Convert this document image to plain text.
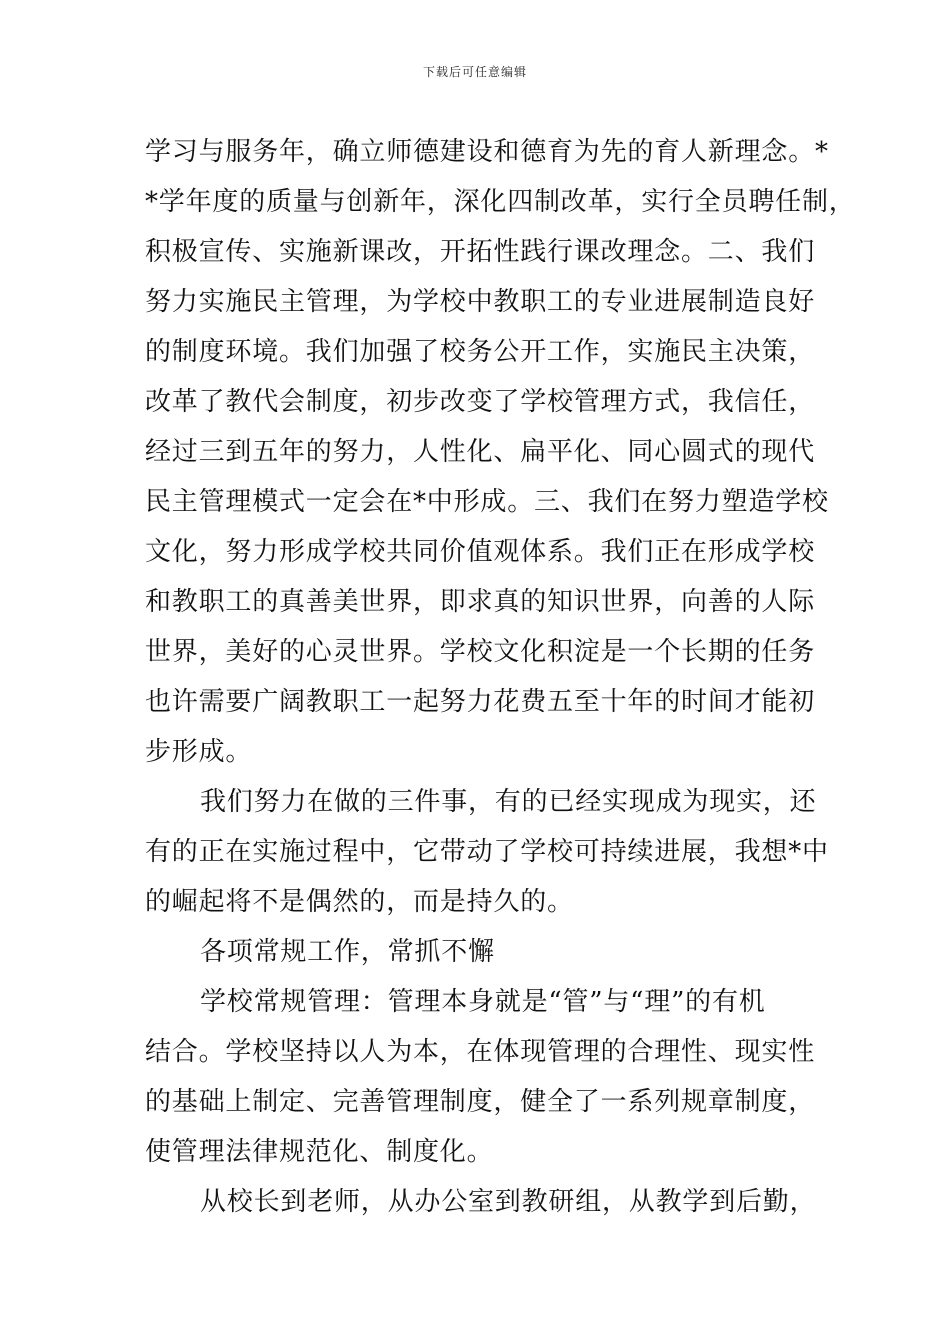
下载后可任意编辑
学习与服务年，确立师德建设和德育为先的育人新理念。*
*学年度的质量与创新年，深化四制改革，实行全员聘任制，
积极宣传、实施新课改，开拓性践行课改理念。二、我们
努力实施民主管理，为学校中教职工的专业进展制造良好
的制度环境。我们加强了校务公开工作，实施民主决策，
改革了教代会制度，初步改变了学校管理方式，我信任，
经过三到五年的努力，人性化、扁平化、同心圆式的现代
民主管理模式一定会在*中形成。三、我们在努力塑造学校
文化，努力形成学校共同价值观体系。我们正在形成学校
和教职工的真善美世界，即求真的知识世界，向善的人际
世界，美好的心灵世界。学校文化积淀是一个长期的任务
也许需要广阔教职工一起努力花费五至十年的时间才能初
步形成。
我们努力在做的三件事，有的已经实现成为现实，还
有的正在实施过程中，它带动了学校可持续进展，我想*中
的崛起将不是偶然的，而是持久的。
各项常规工作，常抓不懈
学校常规管理：管理本身就是“管”与“理”的有机
结合。学校坚持以人为本，在体现管理的合理性、现实性
的基础上制定、完善管理制度，健全了一系列规章制度，
使管理法律规范化、制度化。
从校长到老师，从办公室到教研组，从教学到后勤，
